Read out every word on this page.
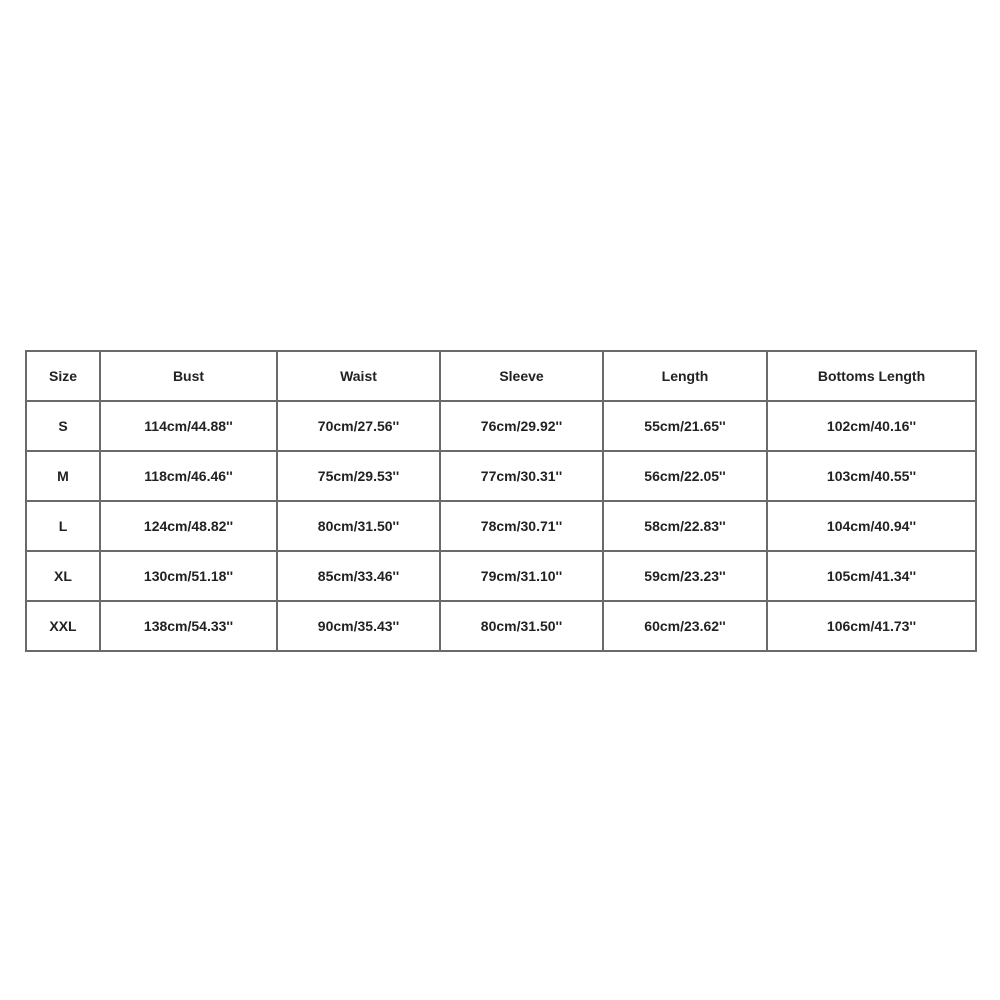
Size	Bust	Waist	Sleeve	Length	Bottoms Length
S	114cm/44.88''	70cm/27.56''	76cm/29.92''	55cm/21.65''	102cm/40.16''
M	118cm/46.46''	75cm/29.53''	77cm/30.31''	56cm/22.05''	103cm/40.55''
L	124cm/48.82''	80cm/31.50''	78cm/30.71''	58cm/22.83''	104cm/40.94''
XL	130cm/51.18''	85cm/33.46''	79cm/31.10''	59cm/23.23''	105cm/41.34''
XXL	138cm/54.33''	90cm/35.43''	80cm/31.50''	60cm/23.62''	106cm/41.73''
